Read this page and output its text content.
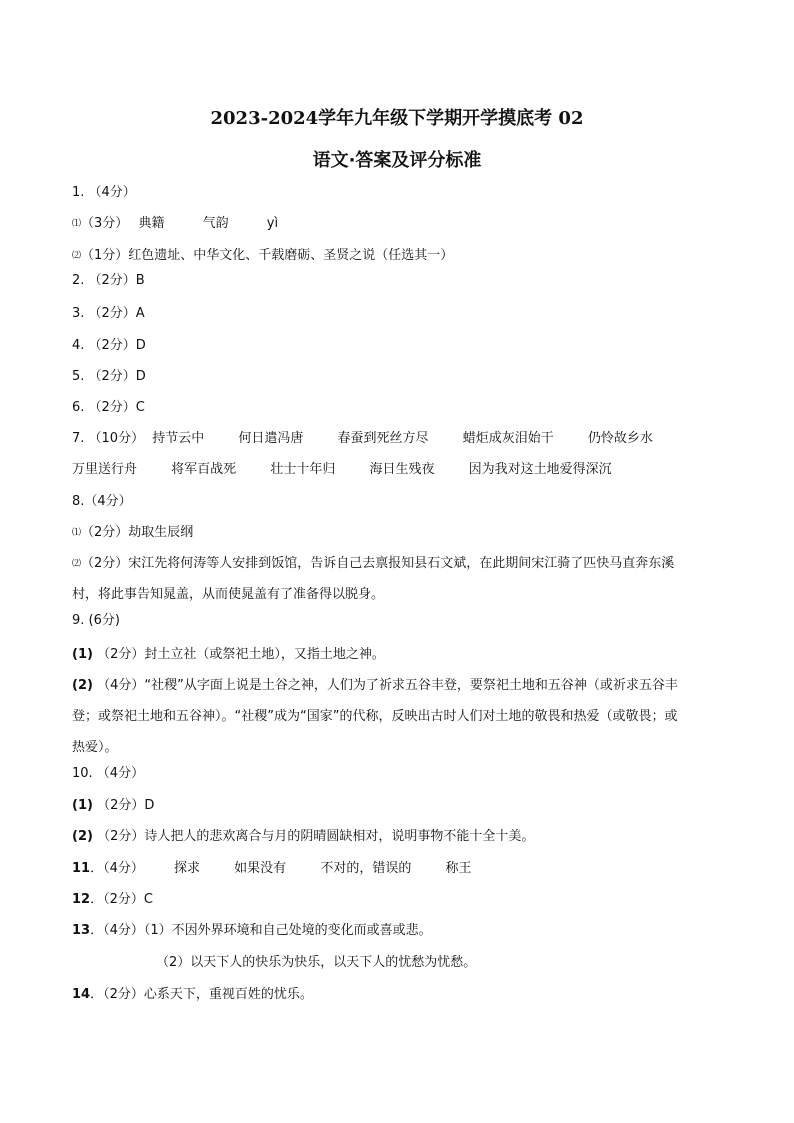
2023-2024学年九年级下学期开学摸底考 02
语文·答案及评分标准
1. （4分）
⑴（3分） 典籍	气韵	yì
⑵（1分）红色遗址、中华文化、千载磨砺、圣贤之说（任选其一）
2. （2分）B
3. （2分）A
4. （2分）D
5. （2分）D
6. （2分）C
7. （10分） 持节云中	何日遣冯唐	春蚕到死丝方尽	蜡炬成灰泪始干	仍怜故乡水
万里送行舟	将军百战死	壮士十年归	海日生残夜	因为我对这土地爱得深沉
8.（4分）
⑴（2分）劫取生辰纲
⑵（2分）宋江先将何涛等人安排到饭馆，告诉自己去禀报知县石文斌，在此期间宋江骑了匹快马直奔东溪
村，将此事告知晁盖，从而使晁盖有了准备得以脱身。
9. (6分)
(1) （2分）封土立社（或祭祀土地），又指土地之神。
(2) （4分）“社稷”从字面上说是土谷之神，人们为了祈求五谷丰登，要祭祀土地和五谷神（或祈求五谷丰
登；或祭祀土地和五谷神）。“社稷”成为“国家”的代称，反映出古时人们对土地的敬畏和热爱（或敬畏；或
热爱）。
10. （4分）
(1) （2分）D
(2) （2分）诗人把人的悲欢离合与月的阴晴圆缺相对，说明事物不能十全十美。
11．（4分） 探求	如果没有	不对的，错误的	称王
12．（2分）C
13．（4分）（1）不因外界环境和自己处境的变化而或喜或悲。
（2）以天下人的快乐为快乐，以天下人的忧愁为忧愁。
14．（2分）心系天下，重视百姓的忧乐。
